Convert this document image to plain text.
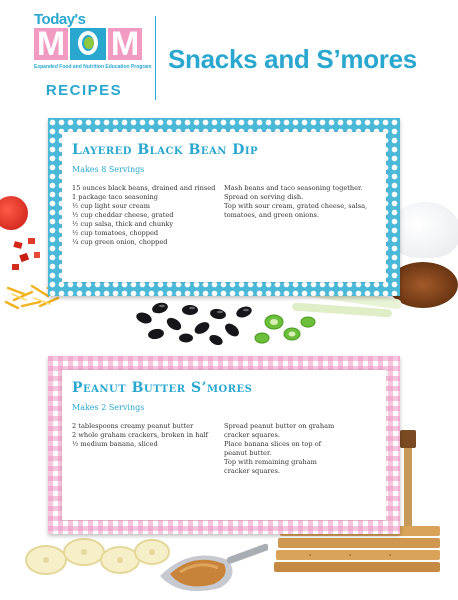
Today's
M M
Expanded Food and Nutrition Education Program
RECIPES
Snacks and S’mores
Layered Black Bean Dip
Makes 8 Servings
15 ounces black beans, drained and rinsed
1 package taco seasoning
½ cup light sour cream
½ cup cheddar cheese, grated
½ cup salsa, thick and chunky
½ cup tomatoes, chopped
¼ cup green onion, chopped
Mash beans and taco seasoning together.
Spread on serving dish.
Top with sour cream, grated cheese, salsa,
tomatoes, and green onions.
Peanut Butter S’mores
Makes 2 Servings
2 tablespoons creamy peanut butter
2 whole graham crackers, broken in half
½ medium banana, sliced
Spread peanut butter on graham
cracker squares.
Place banana slices on top of
peanut butter.
Top with remaining graham
cracker squares.
